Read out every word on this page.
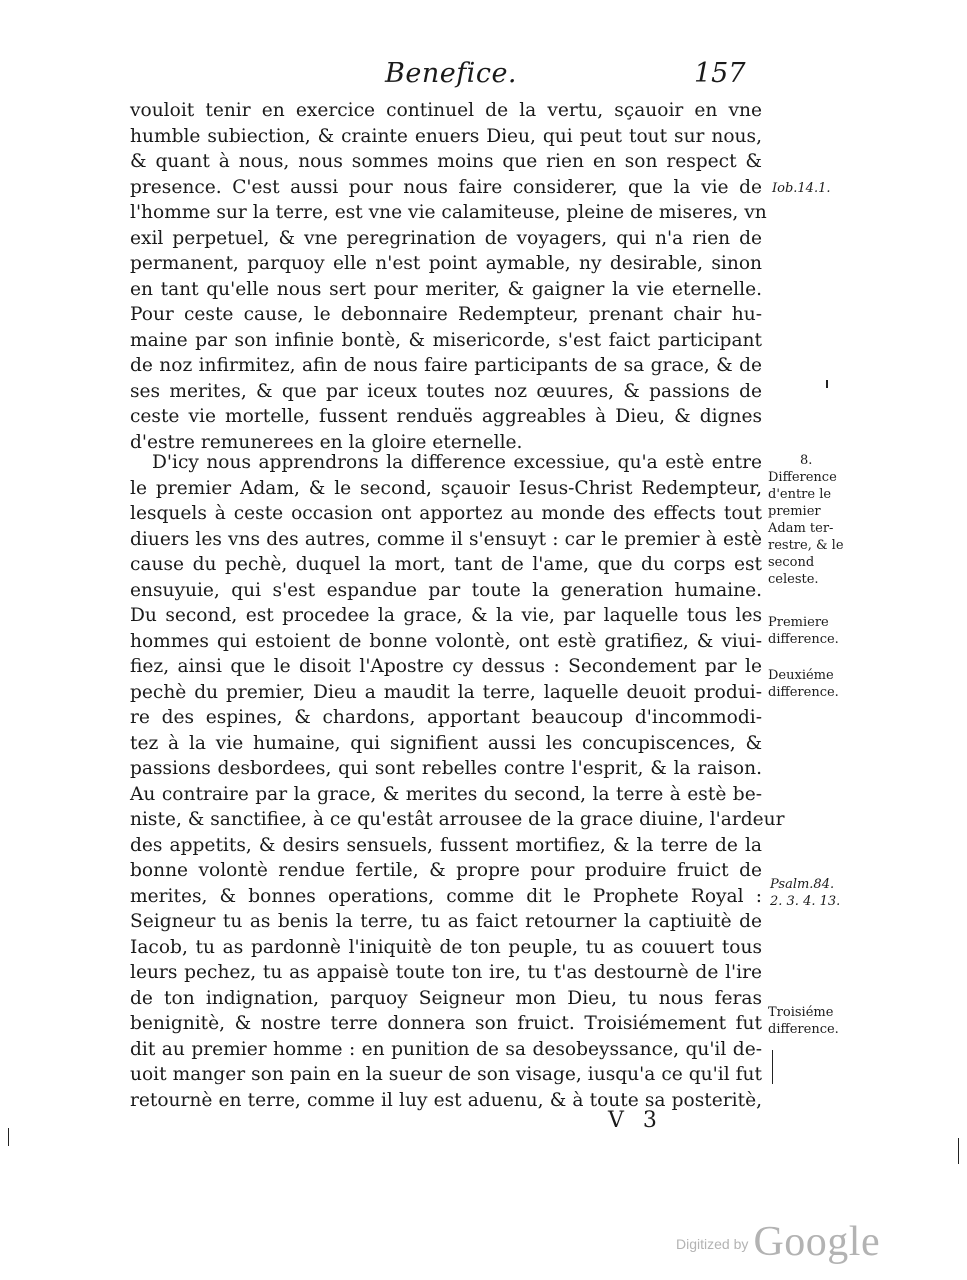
Benefice.	157
vouloit tenir en exercice continuel de la vertu, sçauoir en vne
humble subiection, & crainte enuers Dieu, qui peut tout sur nous,
& quant à nous, nous sommes moins que rien en son respect &
presence. C'est aussi pour nous faire considerer, que la vie de
l'homme sur la terre, est vne vie calamiteuse, pleine de miseres, vn
exil perpetuel, & vne peregrination de voyagers, qui n'a rien de
permanent, parquoy elle n'est point aymable, ny desirable, sinon
en tant qu'elle nous sert pour meriter, & gaigner la vie eternelle.
Pour ceste cause, le debonnaire Redempteur, prenant chair hu-
maine par son infinie bontè, & misericorde, s'est faict participant
de noz infirmitez, afin de nous faire participants de sa grace, & de
ses merites, & que par iceux toutes noz œuures, & passions de
ceste vie mortelle, fussent renduës aggreables à Dieu, & dignes
d'estre remunerees en la gloire eternelle.
D'icy nous apprendrons la difference excessiue, qu'a estè entre
le premier Adam, & le second, sçauoir Iesus-Christ Redempteur,
lesquels à ceste occasion ont apportez au monde des effects tout
diuers les vns des autres, comme il s'ensuyt : car le premier à estè
cause du pechè, duquel la mort, tant de l'ame, que du corps est
ensuyuie, qui s'est espandue par toute la generation humaine.
Du second, est procedee la grace, & la vie, par laquelle tous les
hommes qui estoient de bonne volontè, ont estè gratifiez, & viui-
fiez, ainsi que le disoit l'Apostre cy dessus : Secondement par le
pechè du premier, Dieu a maudit la terre, laquelle deuoit produi-
re des espines, & chardons, apportant beaucoup d'incommodi-
tez à la vie humaine, qui signifient aussi les concupiscences, &
passions desbordees, qui sont rebelles contre l'esprit, & la raison.
Au contraire par la grace, & merites du second, la terre à estè be-
niste, & sanctifiee, à ce qu'estât arrousee de la grace diuine, l'ardeur
des appetits, & desirs sensuels, fussent mortifiez, & la terre de la
bonne volontè rendue fertile, & propre pour produire fruict de
merites, & bonnes operations, comme dit le Prophete Royal :
Seigneur tu as benis la terre, tu as faict retourner la captiuitè de
Iacob, tu as pardonnè l'iniquitè de ton peuple, tu as couuert tous
leurs pechez, tu as appaisè toute ton ire, tu t'as destournè de l'ire
de ton indignation, parquoy Seigneur mon Dieu, tu nous feras
benignitè, & nostre terre donnera son fruict. Troisiémement fut
dit au premier homme : en punition de sa desobeyssance, qu'il de-
uoit manger son pain en la sueur de son visage, iusqu'a ce qu'il fut
retournè en terre, comme il luy est aduenu, & à toute sa posteritè,
Iob.14.1.
8.
Difference
d'entre le
premier
Adam ter-
restre, & le
second
celeste.
Premiere
difference.
Deuxiéme
difference.
Psalm.84.
2. 3. 4. 13.
Troisiéme
difference.
V 3
Digitized by Google
